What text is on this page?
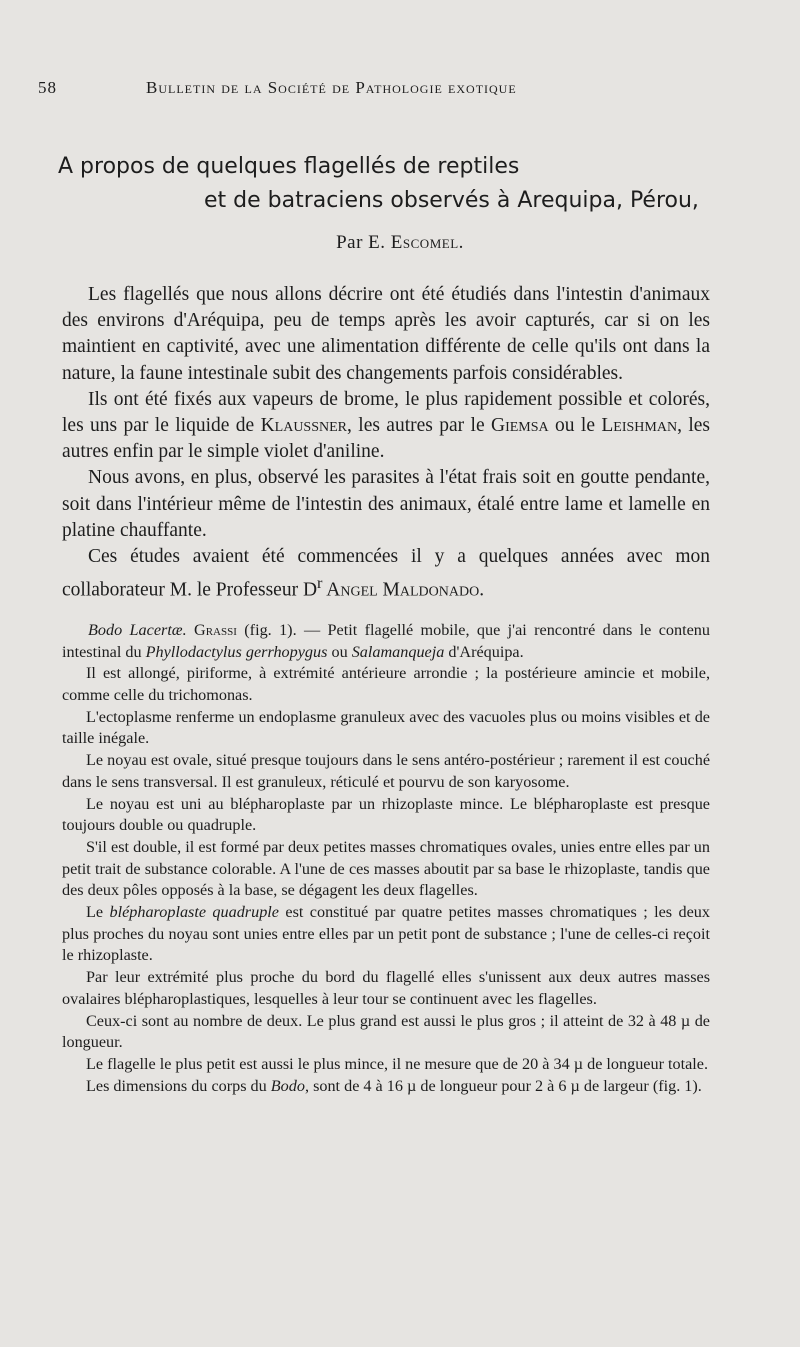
58	Bulletin de la Société de Pathologie exotique
A propos de quelques flagellés de reptiles
et de batraciens observés à Arequipa, Pérou,
Par E. Escomel.

Les flagellés que nous allons décrire ont été étudiés dans l'intestin d'animaux des environs d'Aréquipa, peu de temps après les avoir capturés, car si on les maintient en captivité, avec une alimentation différente de celle qu'ils ont dans la nature, la faune intestinale subit des changements parfois considérables.

Ils ont été fixés aux vapeurs de brome, le plus rapidement possible et colorés, les uns par le liquide de Klaussner, les autres par le Giemsa ou le Leishman, les autres enfin par le simple violet d'aniline.

Nous avons, en plus, observé les parasites à l'état frais soit en goutte pendante, soit dans l'intérieur même de l'intestin des animaux, étalé entre lame et lamelle en platine chauffante.

Ces études avaient été commencées il y a quelques années avec mon collaborateur M. le Professeur $D^r$ Angel Maldonado.

Bodo Lacertæ. Grassi (fig. 1). — Petit flagellé mobile, que j'ai rencontré dans le contenu intestinal du Phyllodactylus gerrhopygus ou Salamanqueja d'Aréquipa.

Il est allongé, piriforme, à extrémité antérieure arrondie ; la postérieure amincie et mobile, comme celle du trichomonas.

L'ectoplasme renferme un endoplasme granuleux avec des vacuoles plus ou moins visibles et de taille inégale.

Le noyau est ovale, situé presque toujours dans le sens antéro-postérieur ; rarement il est couché dans le sens transversal. Il est granuleux, réticulé et pourvu de son karyosome.

Le noyau est uni au blépharoplaste par un rhizoplaste mince. Le blépharoplaste est presque toujours double ou quadruple.

S'il est double, il est formé par deux petites masses chromatiques ovales, unies entre elles par un petit trait de substance colorable. A l'une de ces masses aboutit par sa base le rhizoplaste, tandis que des deux pôles opposés à la base, se dégagent les deux flagelles.

Le blépharoplaste quadruple est constitué par quatre petites masses chromatiques ; les deux plus proches du noyau sont unies entre elles par un petit pont de substance ; l'une de celles-ci reçoit le rhizoplaste.

Par leur extrémité plus proche du bord du flagellé elles s'unissent aux deux autres masses ovalaires blépharoplastiques, lesquelles à leur tour se continuent avec les flagelles.

Ceux-ci sont au nombre de deux. Le plus grand est aussi le plus gros ; il atteint de 32 à 48 µ de longueur.

Le flagelle le plus petit est aussi le plus mince, il ne mesure que de 20 à 34 µ de longueur totale.

Les dimensions du corps du Bodo, sont de 4 à 16 µ de longueur pour 2 à 6 µ de largeur (fig. 1).
